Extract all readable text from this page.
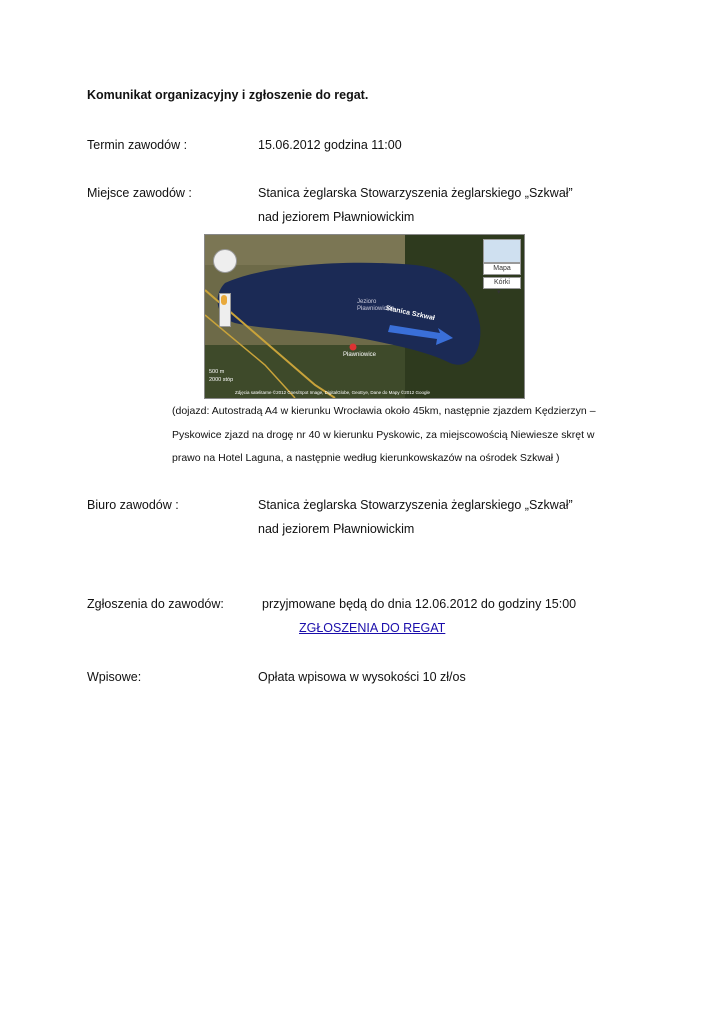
Komunikat organizacyjny i zgłoszenie do regat.
Termin zawodów :	15.06.2012 godzina 11:00
Miejsce zawodów :	Stanica żeglarska Stowarzyszenia żeglarskiego „Szkwał”
nad jeziorem Pławniowickim
Jezioro Pławniowickie
Stanica Szkwał
Pławniowice
Mapa
Kórki
▾
500 m
2000 stóp
Zdjęcia satelitarne ©2012 Cnes/Spot Image, DigitalGlobe, GeoEye, Dane do Mapy ©2012 Google
(dojazd: Autostradą A4 w kierunku Wrocławia około 45km, następnie zjazdem Kędzierzyn –
Pyskowice zjazd na drogę nr 40 w kierunku Pyskowic, za miejscowością Niewiesze skręt w
prawo na Hotel Laguna, a następnie według kierunkowskazów na ośrodek Szkwał )
Biuro zawodów :	Stanica żeglarska Stowarzyszenia żeglarskiego „Szkwał”
nad jeziorem Pławniowickim
Zgłoszenia do zawodów:	przyjmowane będą do dnia 12.06.2012 do godziny 15:00
ZGŁOSZENIA DO REGAT
Wpisowe:	Opłata wpisowa w wysokości 10 zł/os
